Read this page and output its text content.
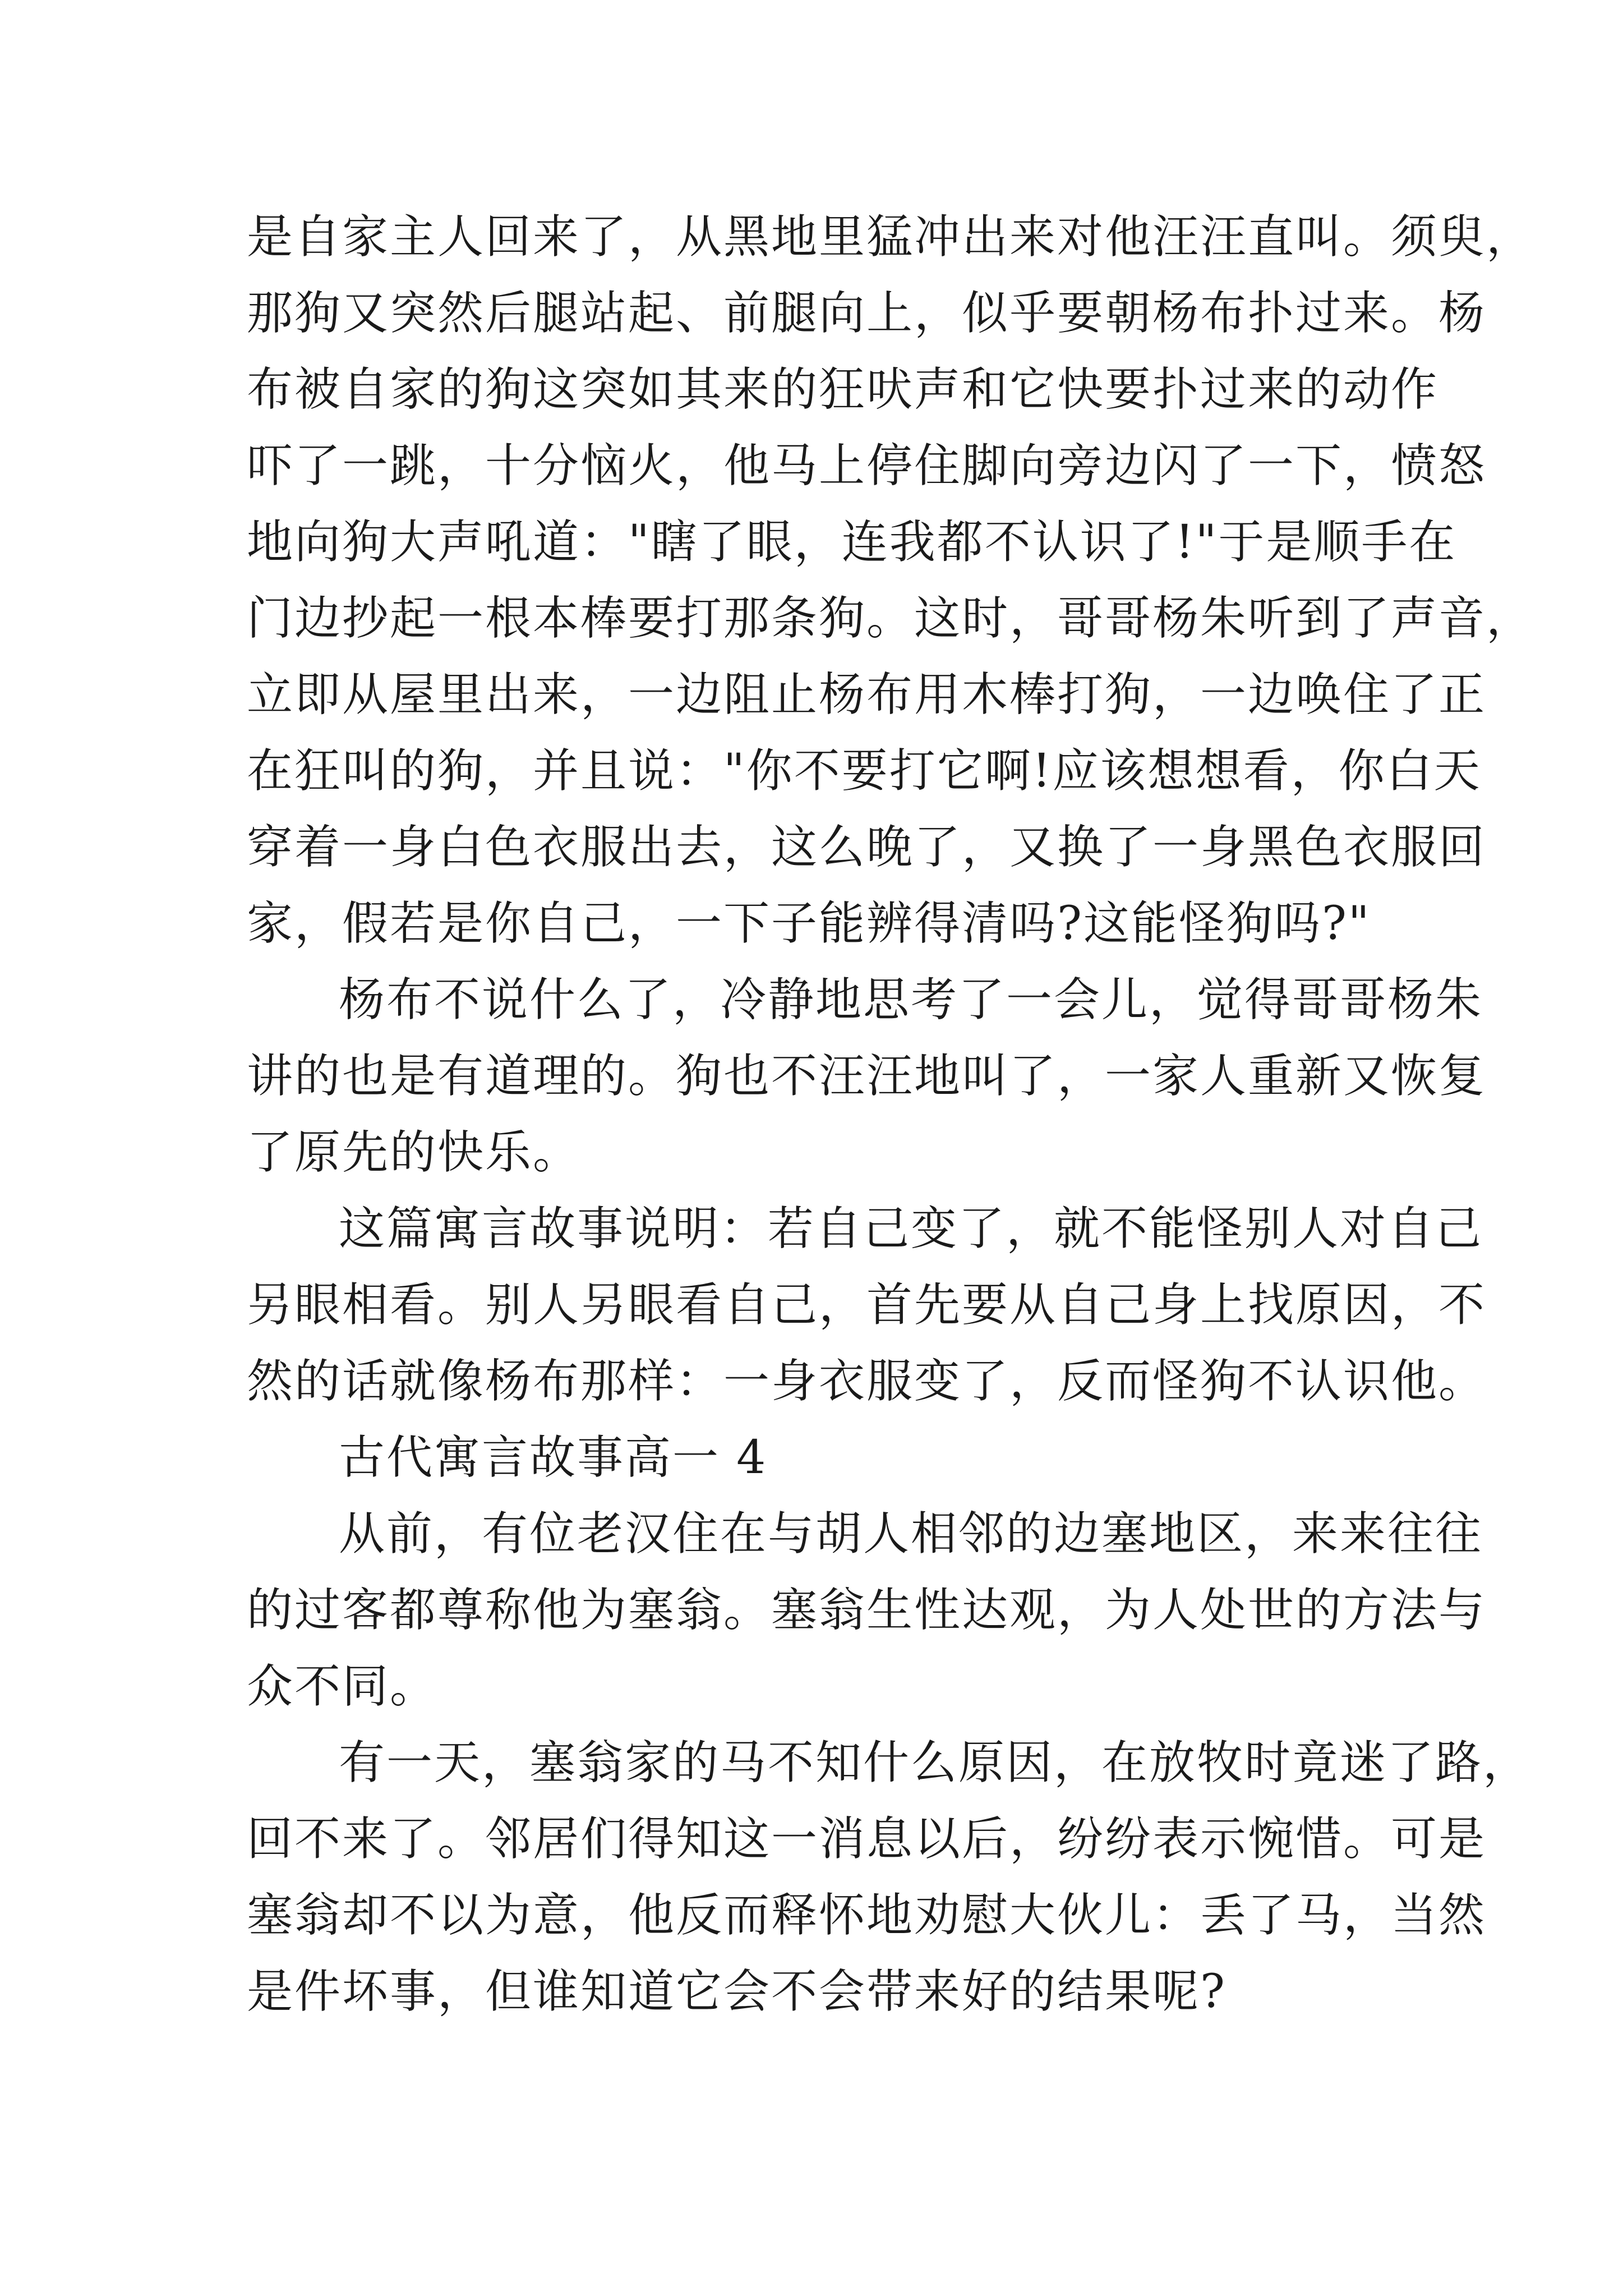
是自家主人回来了，从黑地里猛冲出来对他汪汪直叫。须臾，
那狗又突然后腿站起、前腿向上，似乎要朝杨布扑过来。杨
布被自家的狗这突如其来的狂吠声和它快要扑过来的动作
吓了一跳，十分恼火，他马上停住脚向旁边闪了一下，愤怒
地向狗大声吼道："瞎了眼，连我都不认识了!"于是顺手在
门边抄起一根本棒要打那条狗。这时，哥哥杨朱听到了声音，
立即从屋里出来，一边阻止杨布用木棒打狗，一边唤住了正
在狂叫的狗，并且说："你不要打它啊!应该想想看，你白天
穿着一身白色衣服出去，这么晚了，又换了一身黑色衣服回
家，假若是你自己，一下子能辨得清吗?这能怪狗吗?"
杨布不说什么了，冷静地思考了一会儿，觉得哥哥杨朱
讲的也是有道理的。狗也不汪汪地叫了，一家人重新又恢复
了原先的快乐。
这篇寓言故事说明：若自己变了，就不能怪别人对自己
另眼相看。别人另眼看自己，首先要从自己身上找原因，不
然的话就像杨布那样：一身衣服变了，反而怪狗不认识他。
古代寓言故事高一 4
从前，有位老汉住在与胡人相邻的边塞地区，来来往往
的过客都尊称他为塞翁。塞翁生性达观，为人处世的方法与
众不同。
有一天，塞翁家的马不知什么原因，在放牧时竟迷了路，
回不来了。邻居们得知这一消息以后，纷纷表示惋惜。可是
塞翁却不以为意，他反而释怀地劝慰大伙儿：丢了马，当然
是件坏事，但谁知道它会不会带来好的结果呢?
